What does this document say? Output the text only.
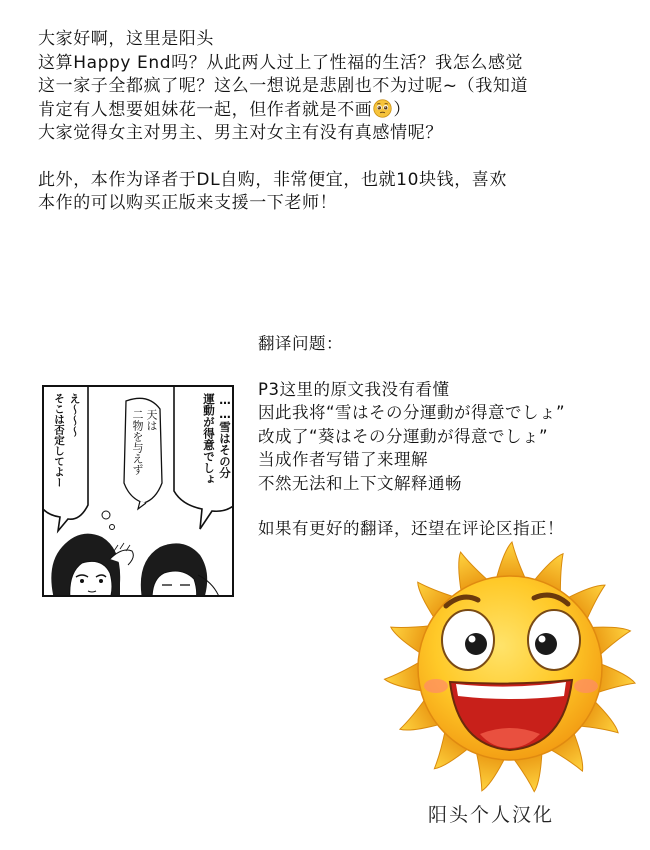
大家好啊，这里是阳头
这算Happy End吗？从此两人过上了性福的生活？我怎么感觉
这一家子全都疯了呢？这么一想说是悲剧也不为过呢~（我知道
肯定有人想要姐妹花一起，但作者就是不画 ）
大家觉得女主对男主、男主对女主有没有真感情呢？
此外，本作为译者于DL自购，非常便宜，也就10块钱，喜欢
本作的可以购买正版来支援一下老师！
翻译问题：
P3这里的原文我没有看懂
因此我将“雪はその分運動が得意でしょ”
改成了“葵はその分運動が得意でしょ”
当成作者写错了来理解
不然无法和上下文解释通畅
如果有更好的翻译，还望在评论区指正！
……雪はその分
運動が得意でしょ
天は
二物を与えず
え〜〜〜
そこは否定してよー
阳头个人汉化
